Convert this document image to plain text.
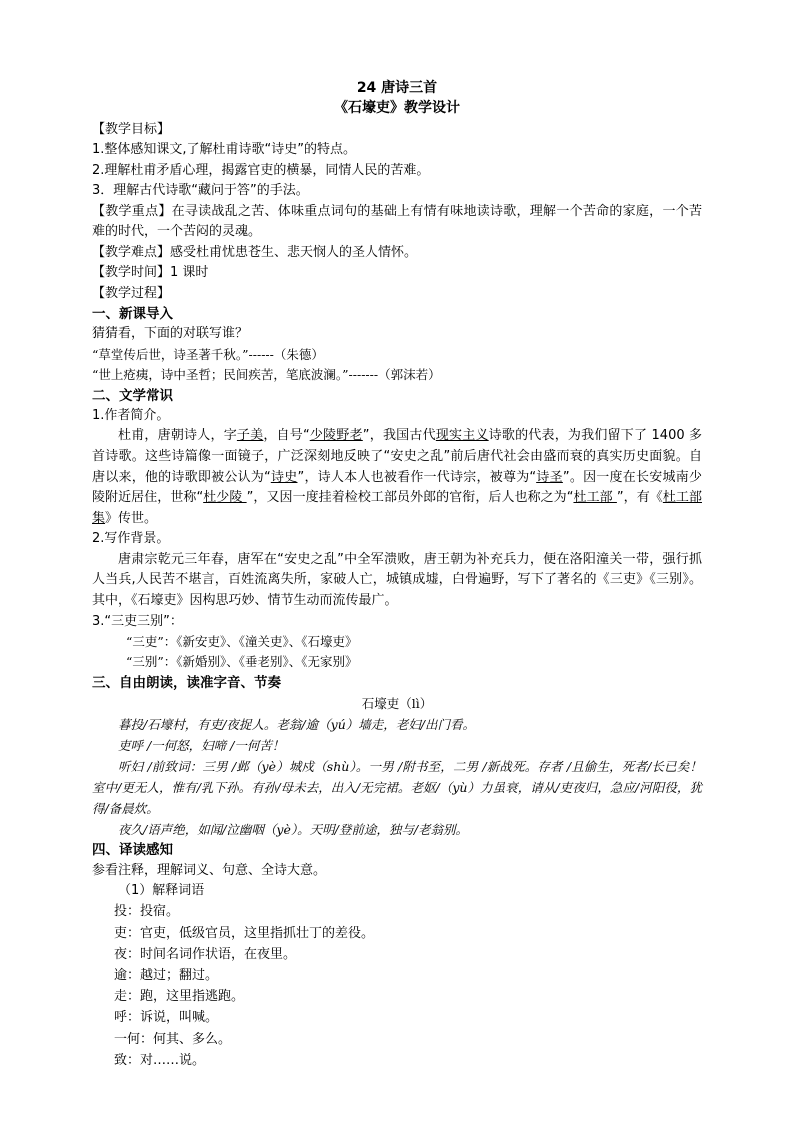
24 唐诗三首
《石壕吏》教学设计
【教学目标】
1.整体感知课文,了解杜甫诗歌“诗史”的特点。
2.理解杜甫矛盾心理，揭露官吏的横暴，同情人民的苦难。
3．理解古代诗歌“藏问于答”的手法。
【教学重点】在寻读战乱之苦、体味重点词句的基础上有情有味地读诗歌，理解一个苦命的家庭，一个苦难的时代，一个苦闷的灵魂。
【教学难点】感受杜甫忧患苍生、悲天悯人的圣人情怀。
【教学时间】1 课时
【教学过程】
一、新课导入
猜猜看，下面的对联写谁？
“草堂传后世，诗圣著千秋。”------（朱德）
“世上疮痍，诗中圣哲；民间疾苦，笔底波澜。”-------（郭沫若）
二、文学常识
1.作者简介。
杜甫，唐朝诗人，字子美，自号“少陵野老”，我国古代现实主义诗歌的代表，为我们留下了 1400 多首诗歌。这些诗篇像一面镜子，广泛深刻地反映了“安史之乱”前后唐代社会由盛而衰的真实历史面貌。自唐以来，他的诗歌即被公认为“诗史”，诗人本人也被看作一代诗宗，被尊为“诗圣”。因一度在长安城南少陵附近居住，世称“杜少陵 ”，又因一度挂着检校工部员外郎的官衔，后人也称之为“杜工部 ”，有《杜工部集》传世。
2.写作背景。
唐肃宗乾元三年春，唐军在“安史之乱”中全军溃败，唐王朝为补充兵力，便在洛阳潼关一带，强行抓人当兵,人民苦不堪言，百姓流离失所，家破人亡，城镇成墟，白骨遍野，写下了著名的《三吏》《三别》。其中，《石壕吏》因构思巧妙、情节生动而流传最广。
3.“三吏三别”：
“三吏”：《新安吏》、《潼关吏》、《石壕吏》
“三别”：《新婚别》、《垂老别》、《无家别》
三、自由朗读，读准字音、节奏
石壕吏（lì）
暮投/石壕村，有吏/夜捉人。老翁/逾（yú）墙走，老妇/出门看。
吏呼 /一何怒，妇啼 /一何苦！
听妇 /前致词：三男 /邺（yè）城戍（shù）。一男 /附书至，二男 /新战死。存者 /且偷生，死者/长已矣！室中/更无人，惟有/乳下孙。有孙/母未去，出入/无完裙。老妪/（yù）力虽衰，请从/吏夜归，急应/河阳役，犹得/备晨炊。
夜久/语声绝，如闻/泣幽咽（yè）。天明/登前途，独与/老翁别。
四、译读感知
参看注释，理解词义、句意、全诗大意。
（1）解释词语
投：投宿。
吏：官吏，低级官员，这里指抓壮丁的差役。
夜：时间名词作状语，在夜里。
逾：越过；翻过。
走：跑，这里指逃跑。
呼：诉说，叫喊。
一何：何其、多么。
致：对……说。
